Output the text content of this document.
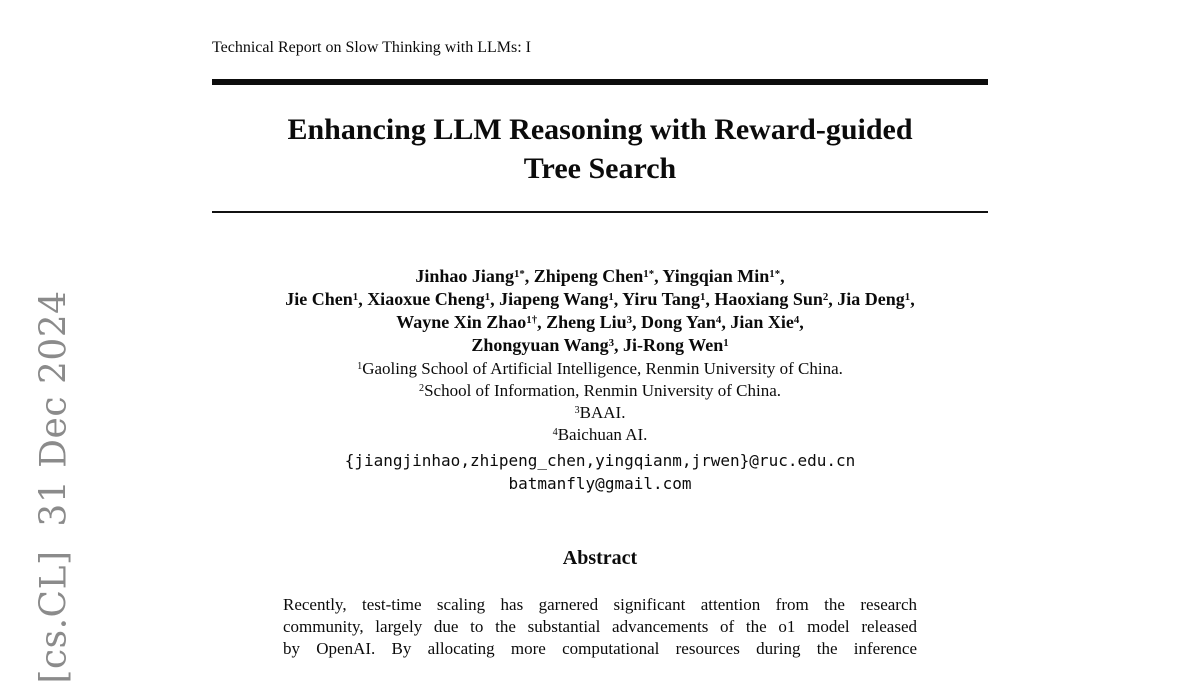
[cs.CL]  31 Dec 2024
Technical Report on Slow Thinking with LLMs: I
Enhancing LLM Reasoning with Reward-guided
Tree Search
Jinhao Jiang$^{1*}$, Zhipeng Chen$^{1*}$, Yingqian Min$^{1*}$,
Jie Chen$^1$, Xiaoxue Cheng$^1$, Jiapeng Wang$^1$, Yiru Tang$^1$, Haoxiang Sun$^2$, Jia Deng$^1$,
Wayne Xin Zhao$^{1\dagger}$, Zheng Liu$^3$, Dong Yan$^4$, Jian Xie$^4$,
Zhongyuan Wang$^3$, Ji-Rong Wen$^1$
$^1$Gaoling School of Artificial Intelligence, Renmin University of China.
$^2$School of Information, Renmin University of China.
$^3$BAAI.
$^4$Baichuan AI.
{jiangjinhao,zhipeng_chen,yingqianm,jrwen}@ruc.edu.cn
batmanfly@gmail.com
Abstract
Recently, test-time scaling has garnered significant attention from the research
community, largely due to the substantial advancements of the o1 model released
by OpenAI. By allocating more computational resources during the inference
